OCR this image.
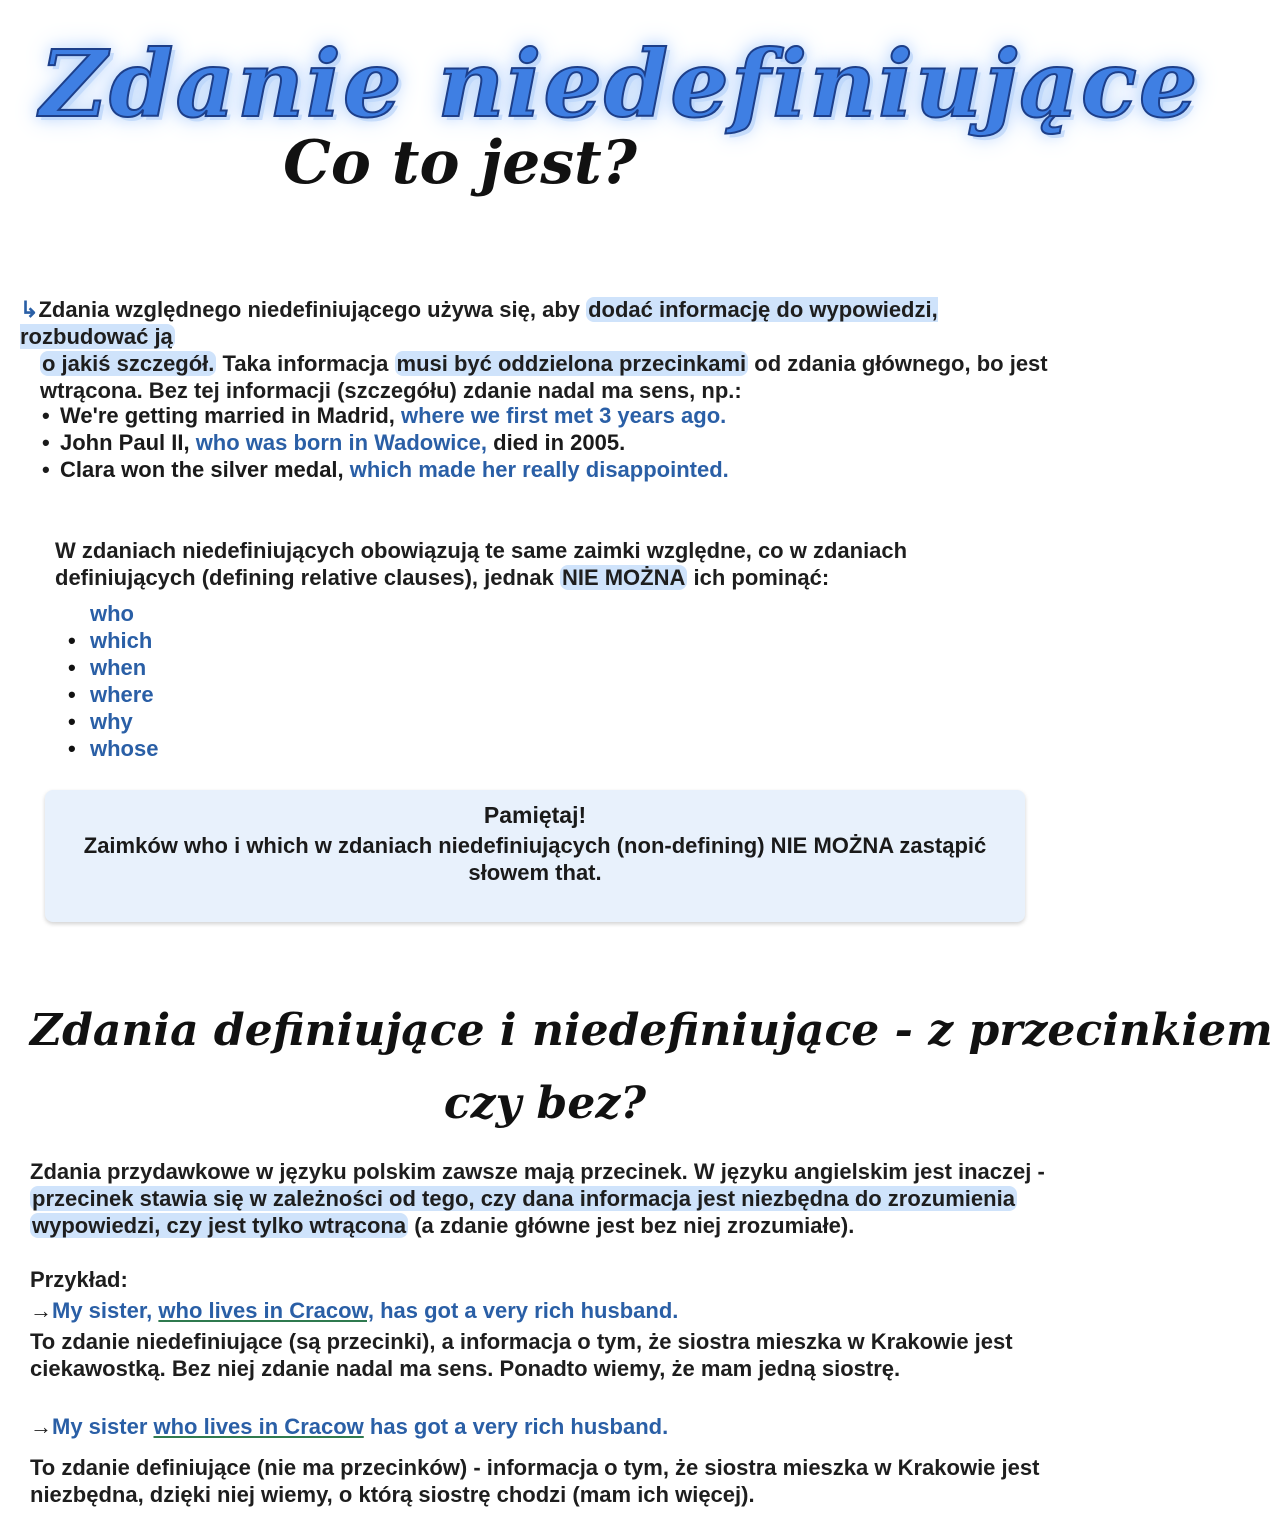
Zdanie niedefiniujące
Co to jest?
↳Zdania względnego niedefiniującego używa się, aby dodać informację do wypowiedzi, rozbudować ją
o jakiś szczegół. Taka informacja musi być oddzielona przecinkami od zdania głównego, bo jest
wtrącona. Bez tej informacji (szczegółu) zdanie nadal ma sens, np.:
• We're getting married in Madrid, where we first met 3 years ago.
• John Paul II, who was born in Wadowice, died in 2005.
• Clara won the silver medal, which made her really disappointed.
W zdaniach niedefiniujących obowiązują te same zaimki względne, co w zdaniach
definiujących (defining relative clauses), jednak NIE MOŻNA ich pominąć:
who
• which
• when
• where
• why
• whose
Pamiętaj!
Zaimków who i which w zdaniach niedefiniujących (non-defining) NIE MOŻNA zastąpić słowem that.
Zdania definiujące i niedefiniujące - z przecinkiem
czy bez?
Zdania przydawkowe w języku polskim zawsze mają przecinek. W języku angielskim jest inaczej -
przecinek stawia się w zależności od tego, czy dana informacja jest niezbędna do zrozumienia
wypowiedzi, czy jest tylko wtrącona (a zdanie główne jest bez niej zrozumiałe).
Przykład:
→My sister, who lives in Cracow, has got a very rich husband.
To zdanie niedefiniujące (są przecinki), a informacja o tym, że siostra mieszka w Krakowie jest
ciekawostką. Bez niej zdanie nadal ma sens. Ponadto wiemy, że mam jedną siostrę.
→My sister who lives in Cracow has got a very rich husband.
To zdanie definiujące (nie ma przecinków) - informacja o tym, że siostra mieszka w Krakowie jest
niezbędna, dzięki niej wiemy, o którą siostrę chodzi (mam ich więcej).
